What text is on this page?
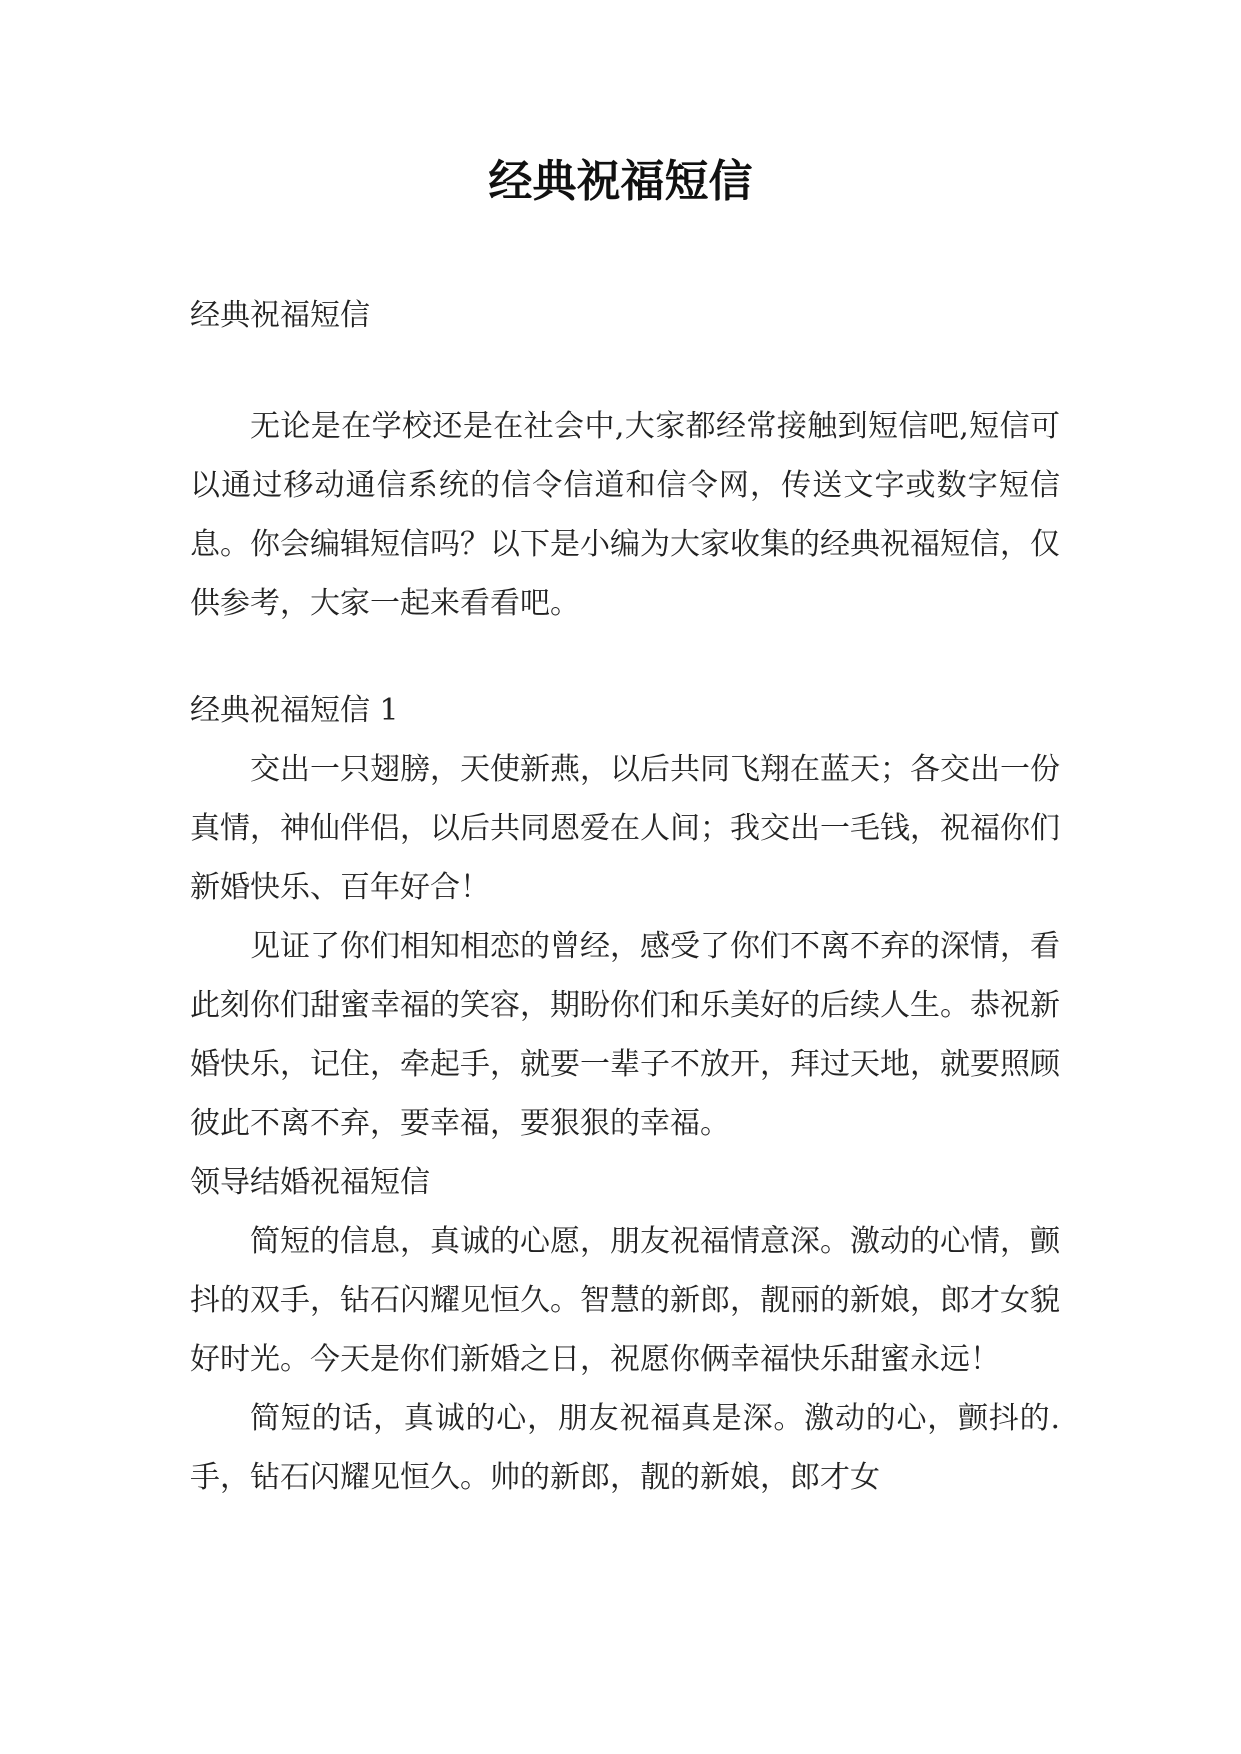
经典祝福短信

经典祝福短信

无论是在学校还是在社会中,大家都经常接触到短信吧,短信可以通过移动通信系统的信令信道和信令网，传送文字或数字短信息。你会编辑短信吗？以下是小编为大家收集的经典祝福短信，仅供参考，大家一起来看看吧。

经典祝福短信 1

交出一只翅膀，天使新燕，以后共同飞翔在蓝天；各交出一份真情，神仙伴侣，以后共同恩爱在人间；我交出一毛钱，祝福你们新婚快乐、百年好合！

见证了你们相知相恋的曾经，感受了你们不离不弃的深情，看此刻你们甜蜜幸福的笑容，期盼你们和乐美好的后续人生。恭祝新婚快乐，记住，牵起手，就要一辈子不放开，拜过天地，就要照顾彼此不离不弃，要幸福，要狠狠的幸福。

领导结婚祝福短信

简短的信息，真诚的心愿，朋友祝福情意深。激动的心情，颤抖的双手，钻石闪耀见恒久。智慧的新郎，靓丽的新娘，郎才女貌好时光。今天是你们新婚之日，祝愿你俩幸福快乐甜蜜永远！

简短的话，真诚的心，朋友祝福真是深。激动的心，颤抖的.手，钻石闪耀见恒久。帅的新郎，靓的新娘，郎才女
